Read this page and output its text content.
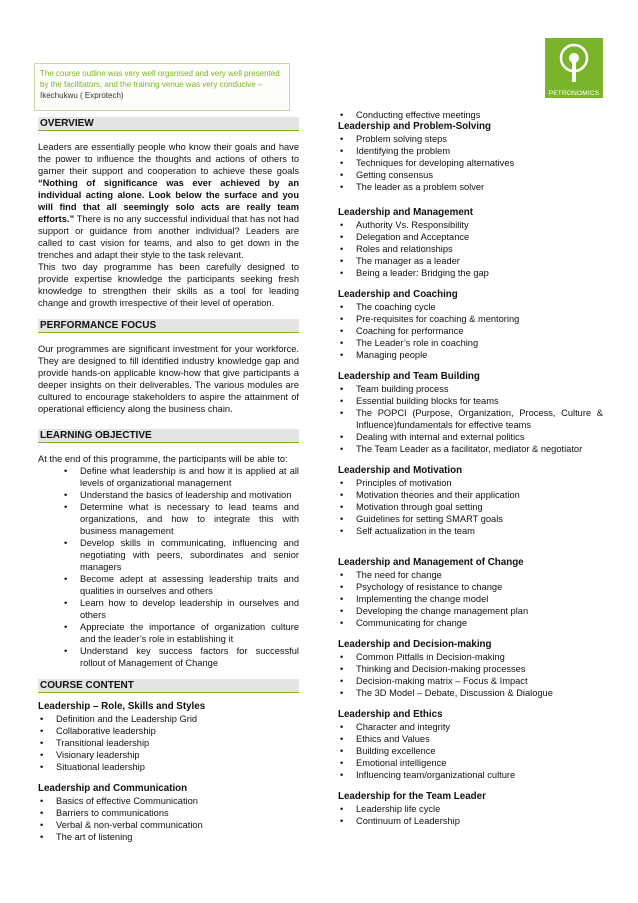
The course outline was very well organised and very well presented by the facilitators, and the training venue was very conducive –
Ikechukwu ( Exprotech)	PETRONOMICS
OVERVIEW

Leaders are essentially people who know their goals and have the power to influence the thoughts and actions of others to garner their support and cooperation to achieve these goals “Nothing of significance was ever achieved by an individual acting alone. Look below the surface and you will find that all seemingly solo acts are really team efforts.” There is no any successful individual that has not had support or guidance from another individual? Leaders are called to cast vision for teams, and also to get down in the trenches and adapt their style to the task relevant.

This two day programme has been carefully designed to provide expertise knowledge the participants seeking fresh knowledge to strengthen their skills as a tool for leading change and growth irrespective of their level of operation.

PERFORMANCE FOCUS

Our programmes are significant investment for your workforce. They are designed to fill identified industry knowledge gap and provide hands-on applicable know-how that give participants a deeper insights on their deliverables. The various modules are cultured to encourage stakeholders to aspire the attainment of operational efficiency along the business chain.

LEARNING OBJECTIVE

At the end of this programme, the participants will be able to:

• Define what leadership is and how it is applied at all levels of organizational management
• Understand the basics of leadership and motivation
• Determine what is necessary to lead teams and organizations, and how to integrate this with business management
• Develop skills in communicating, influencing and negotiating with peers, subordinates and senior managers
• Become adept at assessing leadership traits and qualities in ourselves and others
• Learn how to develop leadership in ourselves and others
• Appreciate the importance of organization culture and the leader’s role in establishing it
• Understand key success factors for successful rollout of Management of Change
COURSE CONTENT

Leadership – Role, Skills and Styles

• Definition and the Leadership Grid
• Collaborative leadership
• Transitional leadership
• Visionary leadership
• Situational leadership

Leadership and Communication

• Basics of effective Communication
• Barriers to communications
• Verbal & non-verbal communication
• The art of listening
• Conducting effective meetings

Leadership and Problem-Solving

• Problem solving steps
• Identifying the problem
• Techniques for developing alternatives
• Getting consensus
• The leader as a problem solver

Leadership and Management

• Authority Vs. Responsibility
• Delegation and Acceptance
• Roles and relationships
• The manager as a leader
• Being a leader: Bridging the gap

Leadership and Coaching

• The coaching cycle
• Pre-requisites for coaching & mentoring
• Coaching for performance
• The Leader’s role in coaching
• Managing people

Leadership and Team Building

• Team building process
• Essential building blocks for teams
• The POPCI (Purpose, Organization, Process, Culture & Influence)fundamentals for effective teams
• Dealing with internal and external politics
• The Team Leader as a facilitator, mediator & negotiator

Leadership and Motivation

• Principles of motivation
• Motivation theories and their application
• Motivation through goal setting
• Guidelines for setting SMART goals
• Self actualization in the team

Leadership and Management of Change

• The need for change
• Psychology of resistance to change
• Implementing the change model
• Developing the change management plan
• Communicating for change

Leadership and Decision-making

• Common Pitfalls in Decision-making
• Thinking and Decision-making processes
• Decision-making matrix – Focus & Impact
• The 3D Model – Debate, Discussion & Dialogue

Leadership and Ethics

• Character and integrity
• Ethics and Values
• Building excellence
• Emotional intelligence
• Influencing team/organizational culture

Leadership for the Team Leader

• Leadership life cycle
• Continuum of Leadership
